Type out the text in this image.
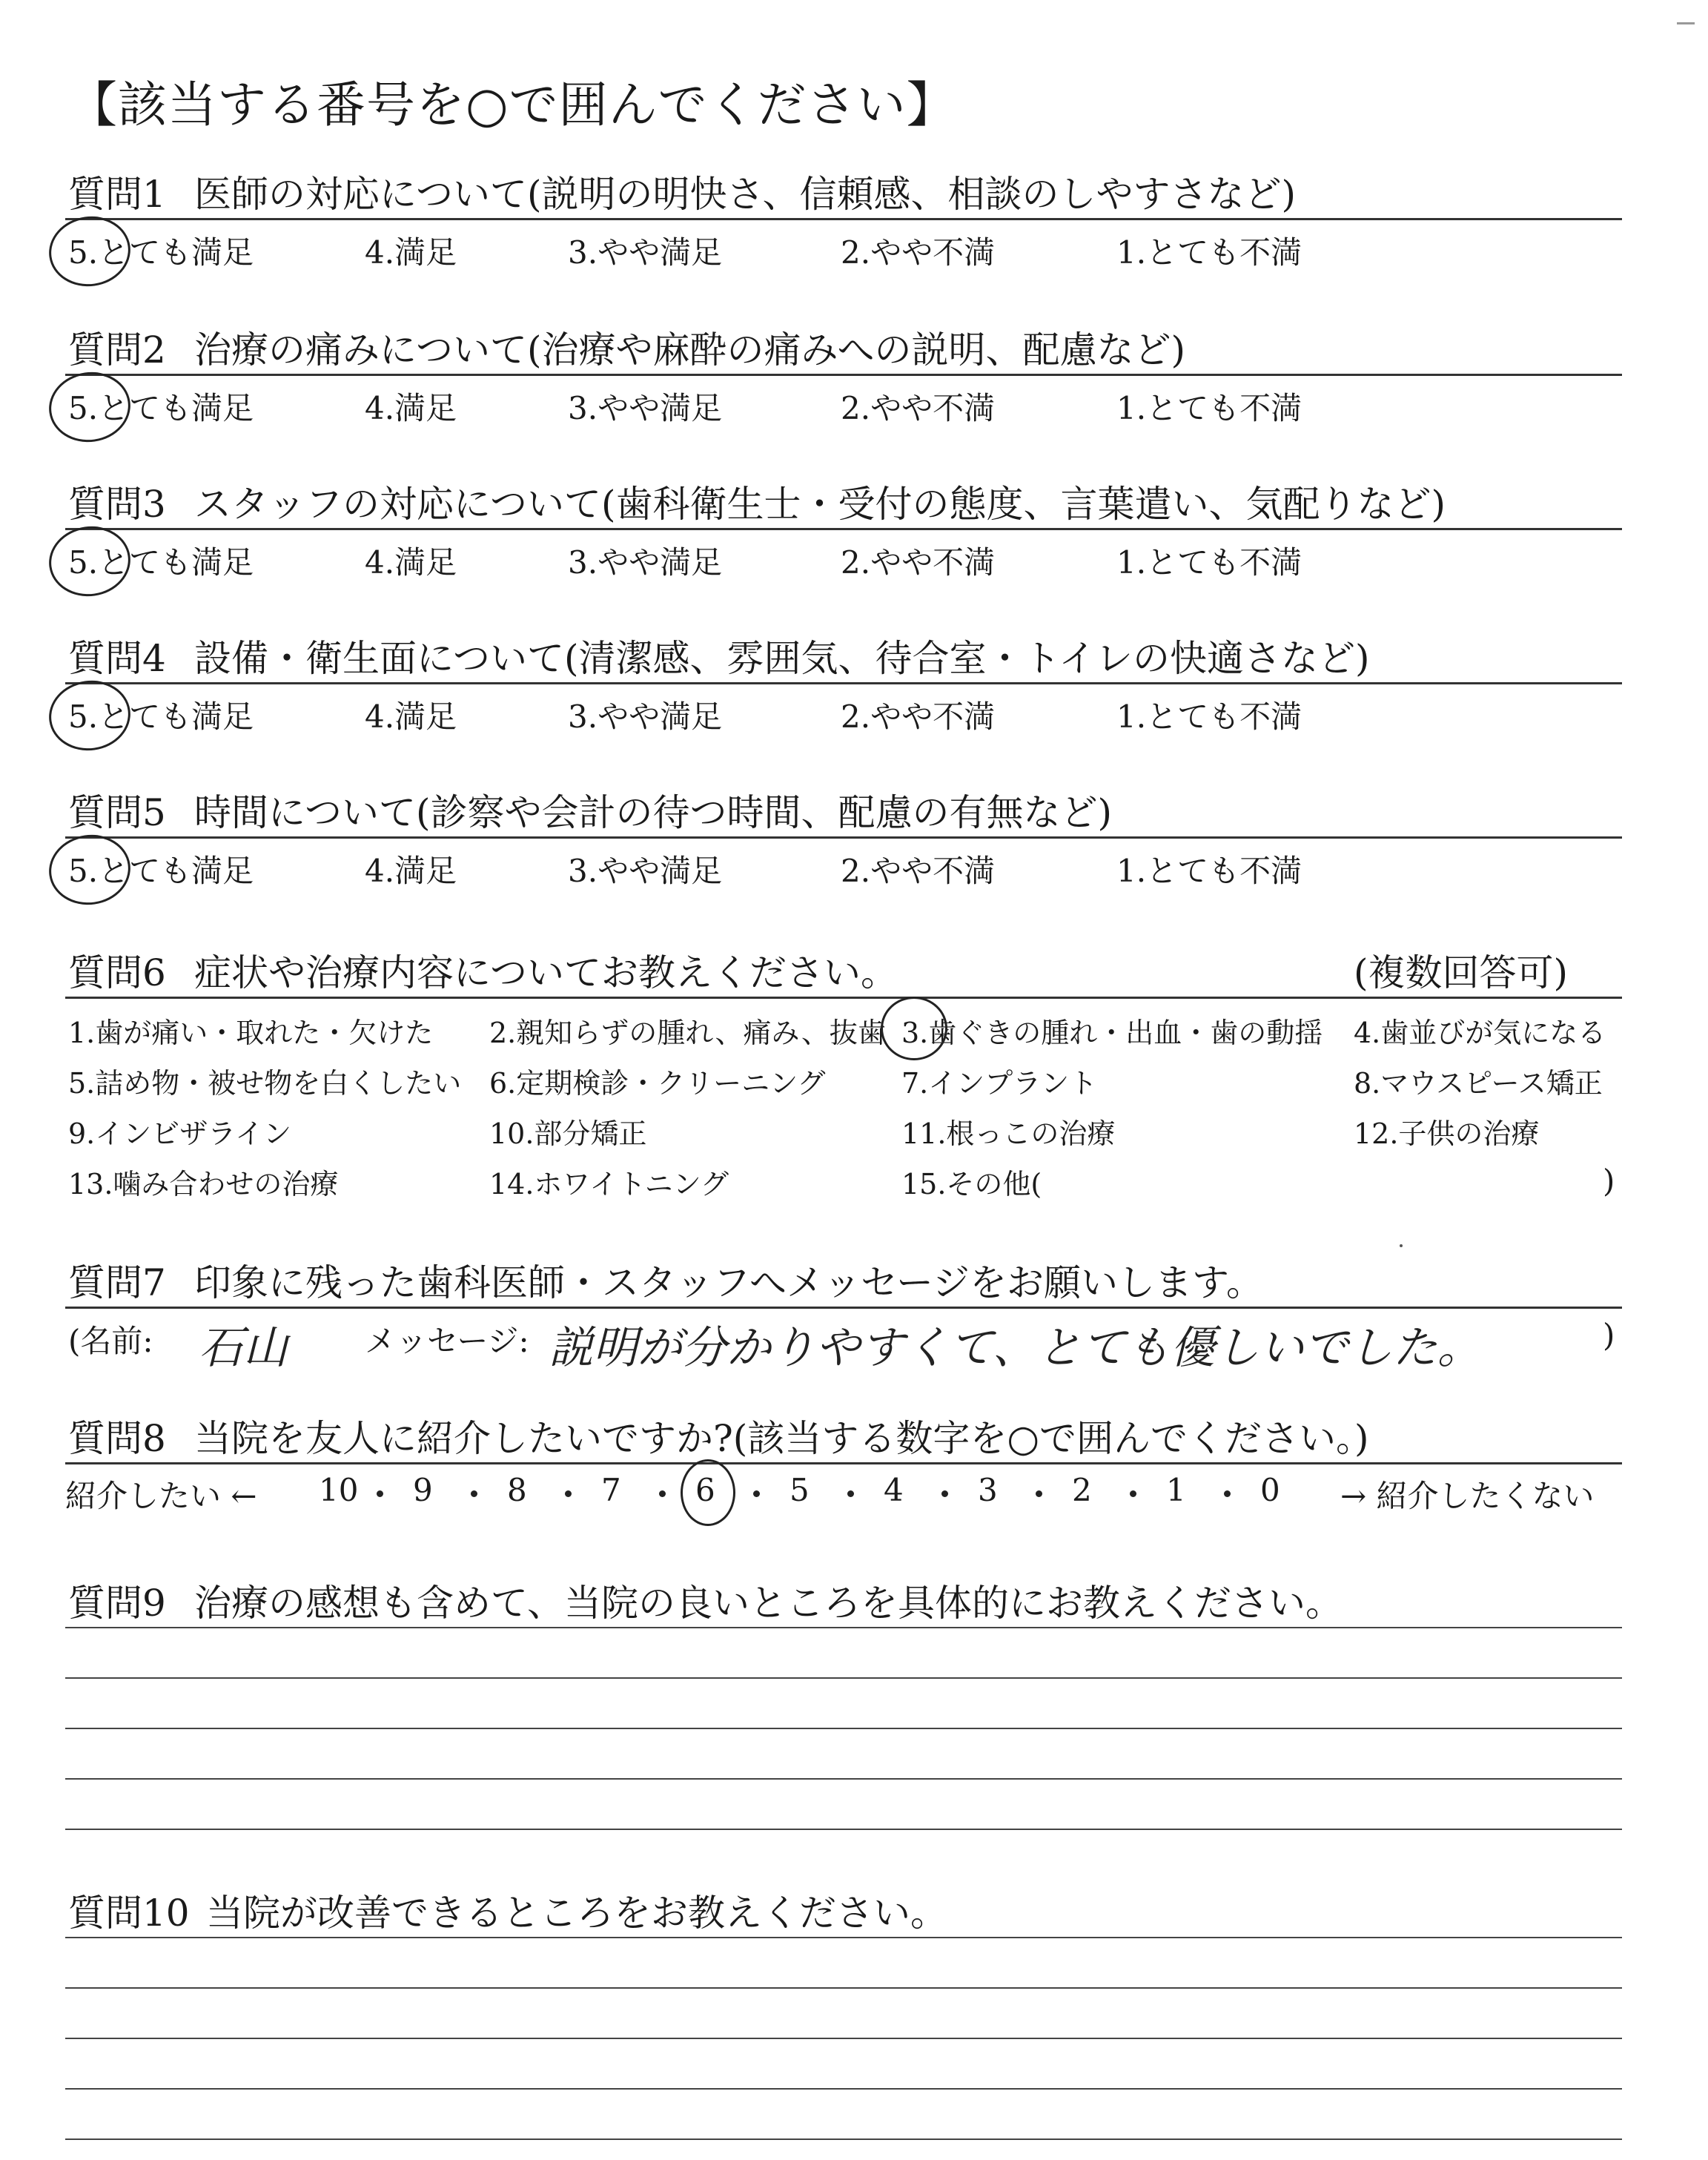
【該当する番号を○で囲んでください】
質問1 医師の対応について(説明の明快さ、信頼感、相談のしやすさなど)
5.とても満足	4.満足	3.やや満足	2.やや不満	1.とても不満
質問2 治療の痛みについて(治療や麻酔の痛みへの説明、配慮など)
5.とても満足	4.満足	3.やや満足	2.やや不満	1.とても不満
質問3 スタッフの対応について(歯科衛生士・受付の態度、言葉遣い、気配りなど)
5.とても満足	4.満足	3.やや満足	2.やや不満	1.とても不満
質問4 設備・衛生面について(清潔感、雰囲気、待合室・トイレの快適さなど)
5.とても満足	4.満足	3.やや満足	2.やや不満	1.とても不満
質問5 時間について(診察や会計の待つ時間、配慮の有無など)
5.とても満足	4.満足	3.やや満足	2.やや不満	1.とても不満
質問6 症状や治療内容についてお教えください。	(複数回答可)
1.歯が痛い・取れた・欠けた 2.親知らずの腫れ、痛み、抜歯 3.歯ぐきの腫れ・出血・歯の動揺 4.歯並びが気になる
5.詰め物・被せ物を白くしたい 6.定期検診・クリーニング	7.インプラント	8.マウスピース矯正
9.インビザライン	10.部分矯正	11.根っこの治療	12.子供の治療
13.噛み合わせの治療	14.ホワイトニング	15.その他(	)
質問7 印象に残った歯科医師・スタッフへメッセージをお願いします。
(名前: 石山 メッセージ: 説明が分かりやすくて、とても優しいでした。	)
質問8 当院を友人に紹介したいですか?(該当する数字を○で囲んでください。)
紹介したい ← 10 9 8 7 6 5 4 3 2 1 0 → 紹介したくない
質問9 治療の感想も含めて、当院の良いところを具体的にお教えください。
質問10 当院が改善できるところをお教えください。
